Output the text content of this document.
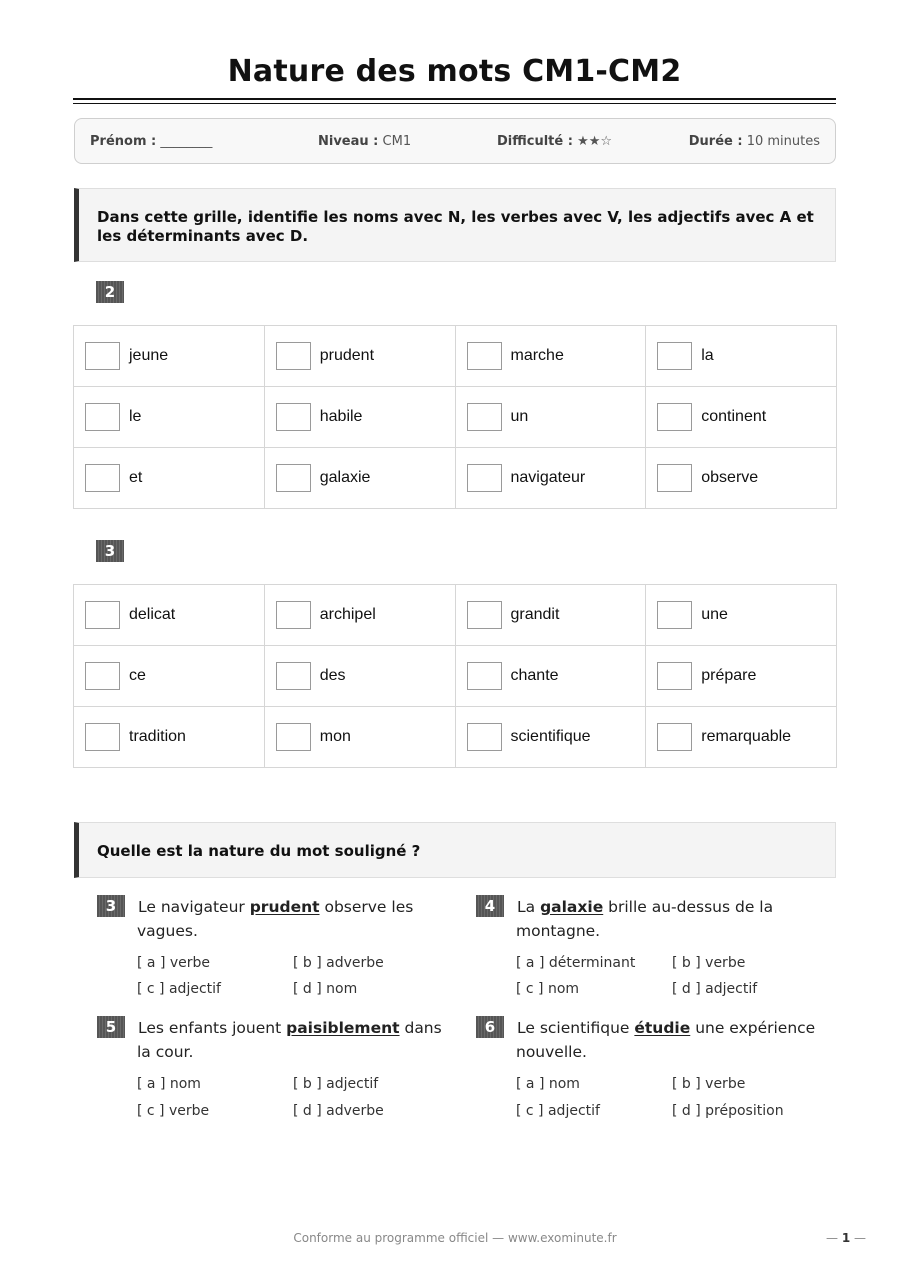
Nature des mots CM1-CM2
Prénom : ________	Niveau : CM1	Difficulté : ★★☆	Durée : 10 minutes
Dans cette grille, identifie les noms avec N, les verbes avec V, les adjectifs avec A et les déterminants avec D.
2
jeune	prudent	marche	la
le	habile	un	continent
et	galaxie	navigateur	observe
3
delicat	archipel	grandit	une
ce	des	chante	prépare
tradition	mon	scientifique	remarquable
Quelle est la nature du mot souligné ?
3	Le navigateur prudent observe les vagues.
[ a ] verbe	[ b ] adverbe
[ c ] adjectif	[ d ] nom
4	La galaxie brille au-dessus de la montagne.
[ a ] déterminant	[ b ] verbe
[ c ] nom	[ d ] adjectif
5	Les enfants jouent paisiblement dans la cour.
[ a ] nom	[ b ] adjectif
[ c ] verbe	[ d ] adverbe
6	Le scientifique étudie une expérience nouvelle.
[ a ] nom	[ b ] verbe
[ c ] adjectif	[ d ] préposition
Conforme au programme officiel — www.exominute.fr	— 1 —
